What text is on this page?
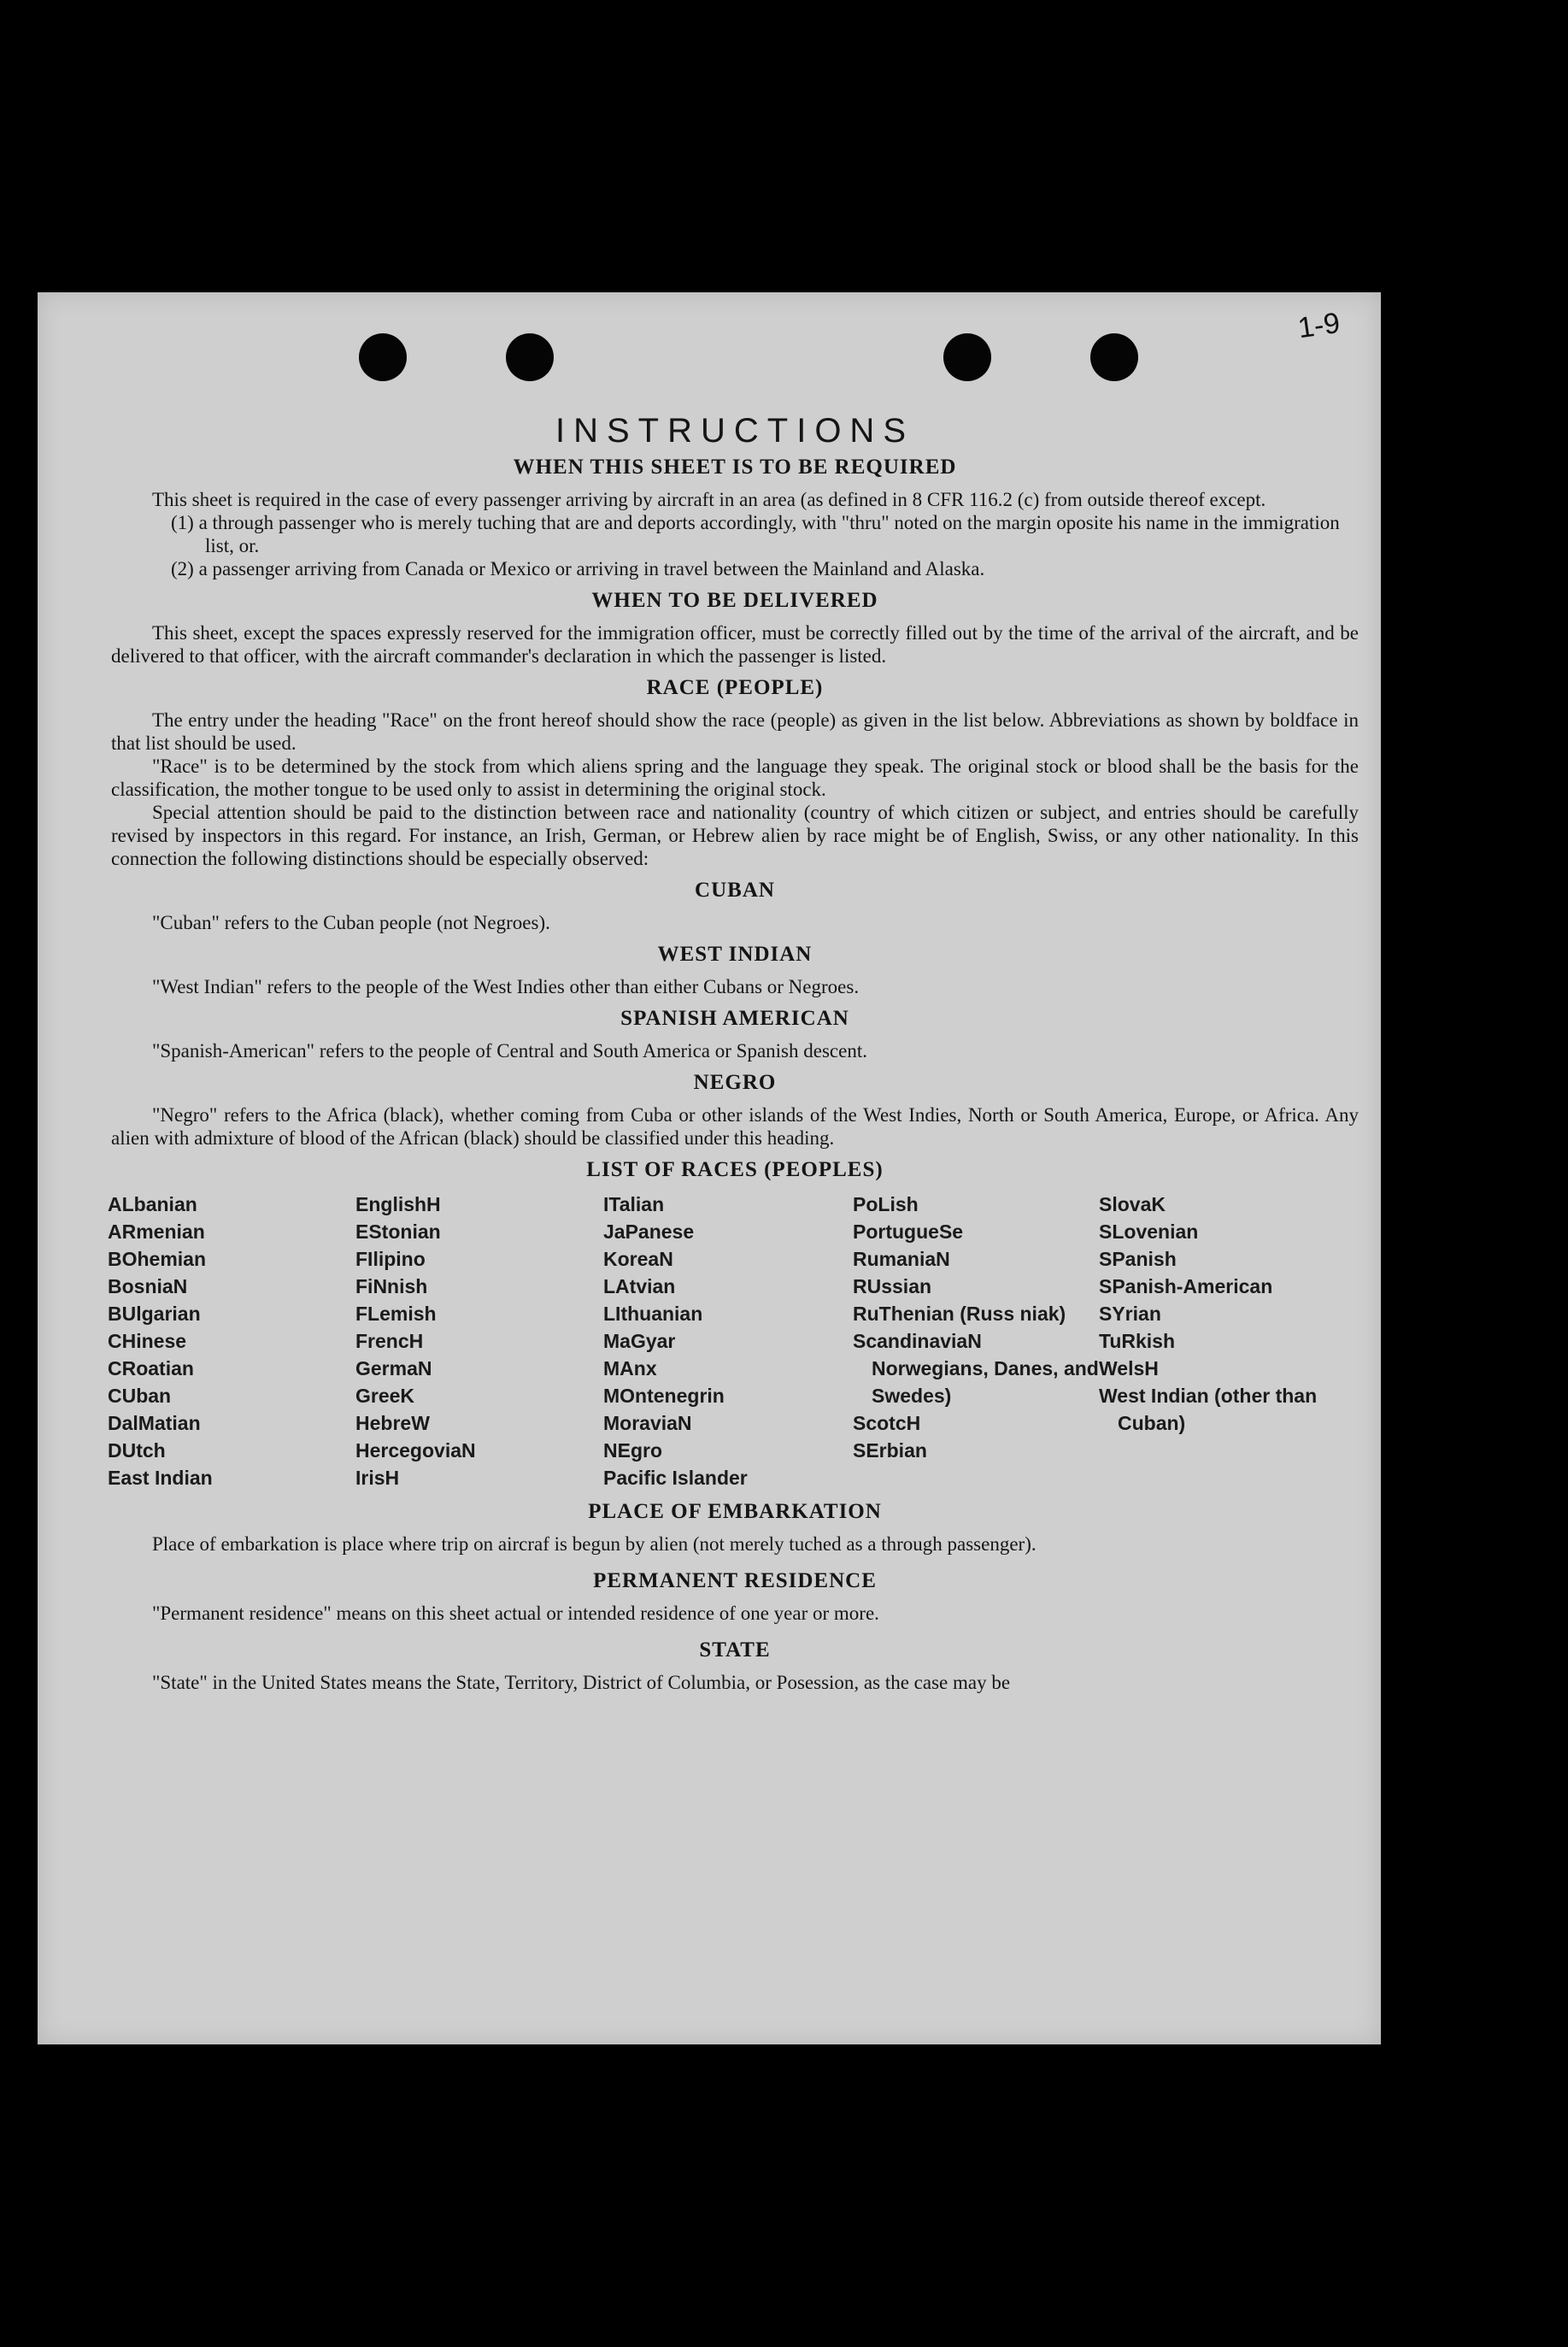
1-9
INSTRUCTIONS
WHEN THIS SHEET IS TO BE REQUIRED

This sheet is required in the case of every passenger arriving by aircraft in an area (as defined in 8 CFR 116.2 (c) from outside thereof except.

(1) a through passenger who is merely tuching that are and deports accordingly, with "thru" noted on the margin oposite his name in the immigration list, or.
(2) a passenger arriving from Canada or Mexico or arriving in travel between the Mainland and Alaska.
WHEN TO BE DELIVERED

This sheet, except the spaces expressly reserved for the immigration officer, must be correctly filled out by the time of the arrival of the aircraft, and be delivered to that officer, with the aircraft commander's declaration in which the passenger is listed.

RACE (PEOPLE)

The entry under the heading "Race" on the front hereof should show the race (people) as given in the list below. Abbreviations as shown by boldface in that list should be used.

"Race" is to be determined by the stock from which aliens spring and the language they speak. The original stock or blood shall be the basis for the classification, the mother tongue to be used only to assist in determining the original stock.

Special attention should be paid to the distinction between race and nationality (country of which citizen or subject, and entries should be carefully revised by inspectors in this regard. For instance, an Irish, German, or Hebrew alien by race might be of English, Swiss, or any other nationality. In this connection the following distinctions should be especially observed:

CUBAN

"Cuban" refers to the Cuban people (not Negroes).

WEST INDIAN

"West Indian" refers to the people of the West Indies other than either Cubans or Negroes.

SPANISH AMERICAN

"Spanish-American" refers to the people of Central and South America or Spanish descent.

NEGRO

"Negro" refers to the Africa (black), whether coming from Cuba or other islands of the West Indies, North or South America, Europe, or Africa. Any alien with admixture of blood of the African (black) should be classified under this heading.

LIST OF RACES (PEOPLES)
ALbanian
ARmenian
BOhemian
BosniaN
BUlgarian
CHinese
CRoatian
CUban
DalMatian
DUtch
East Indian
EnglishH
EStonian
FIlipino
FiNnish
FLemish
FrencH
GermaN
GreeK
HebreW
HercegoviaN
IrisH
ITalian
JaPanese
KoreaN
LAtvian
LIthuanian
MaGyar
MAnx
MOntenegrin
MoraviaN
NEgro
Pacific Islander
PoLish
PortugueSe
RumaniaN
RUssian
RuThenian (Russ niak)
ScandinaviaN Norwegians, Danes, and Swedes)
ScotcH
SErbian
SlovaK
SLovenian
SPanish
SPanish-American
SYrian
TuRkish
WelsH
West Indian (other than Cuban)
PLACE OF EMBARKATION

Place of embarkation is place where trip on aircraf is begun by alien (not merely tuched as a through passenger).

PERMANENT RESIDENCE

"Permanent residence" means on this sheet actual or intended residence of one year or more.

STATE

"State" in the United States means the State, Territory, District of Columbia, or Posession, as the case may be
